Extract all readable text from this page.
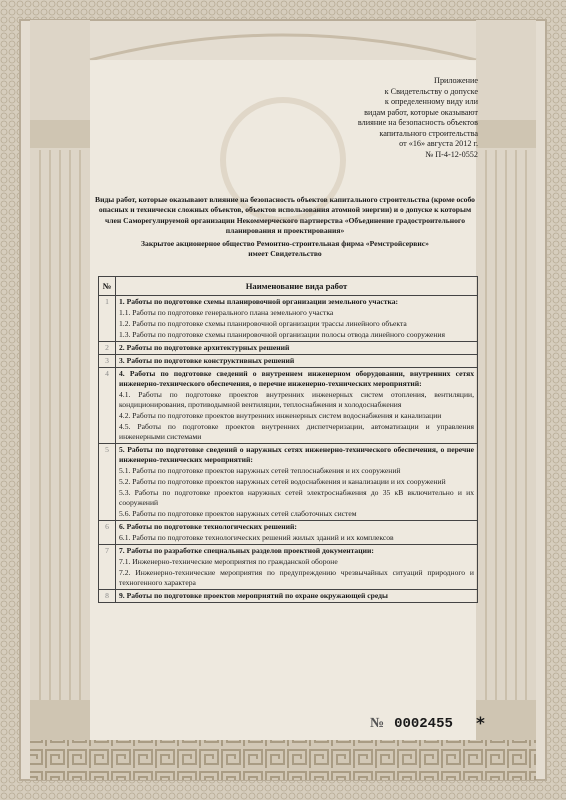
Приложение
к Свидетельству о допуске
к определенному виду или
видам работ, которые оказывают
влияние на безопасность объектов
капитального строительства
от «16» августа 2012 г.
№ П-4-12-0552

Виды работ, которые оказывают влияние на безопасность объектов капитального строительства (кроме особо опасных и технически сложных объектов, объектов использования атомной энергии) и о допуске к которым член Саморегулируемой организации Некоммерческого партнерства «Объединение градостроительного планирования и проектирования»

Закрытое акционерное общество Ремонтно-строительная фирма «Ремстройсервис»

имеет Свидетельство

№	Наименование вида работ
1	1. Работы по подготовке схемы планировочной организации земельного участка:
1.1. Работы по подготовке генерального плана земельного участка
1.2. Работы по подготовке схемы планировочной организации трассы линейного объекта
1.3. Работы по подготовке схемы планировочной организации полосы отвода линейного сооружения

2	2. Работы по подготовке архитектурных решений

3	3. Работы по подготовке конструктивных решений

4	4. Работы по подготовке сведений о внутреннем инженерном оборудовании, внутренних сетях инженерно-технического обеспечения, о перечне инженерно-технических мероприятий:
4.1. Работы по подготовке проектов внутренних инженерных систем отопления, вентиляции, кондиционирования, противодымной вентиляции, теплоснабжения и холодоснабжения
4.2. Работы по подготовке проектов внутренних инженерных систем водоснабжения и канализации
4.5. Работы по подготовке проектов внутренних диспетчеризации, автоматизации и управления инженерными системами

5	5. Работы по подготовке сведений о наружных сетях инженерно-технического обеспечения, о перечне инженерно-технических мероприятий:
5.1. Работы по подготовке проектов наружных сетей теплоснабжения и их сооружений
5.2. Работы по подготовке проектов наружных сетей водоснабжения и канализации и их сооружений
5.3. Работы по подготовке проектов наружных сетей электроснабжения до 35 кВ включительно и их сооружений
5.6. Работы по подготовке проектов наружных сетей слаботочных систем

6	6. Работы по подготовке технологических решений:
6.1. Работы по подготовке технологических решений жилых зданий и их комплексов

7	7. Работы по разработке специальных разделов проектной документации:
7.1. Инженерно-технические мероприятия по гражданской обороне
7.2. Инженерно-технические мероприятия по предупреждению чрезвычайных ситуаций природного и техногенного характера

8	9. Работы по подготовке проектов мероприятий по охране окружающей среды
№ 0002455 *
